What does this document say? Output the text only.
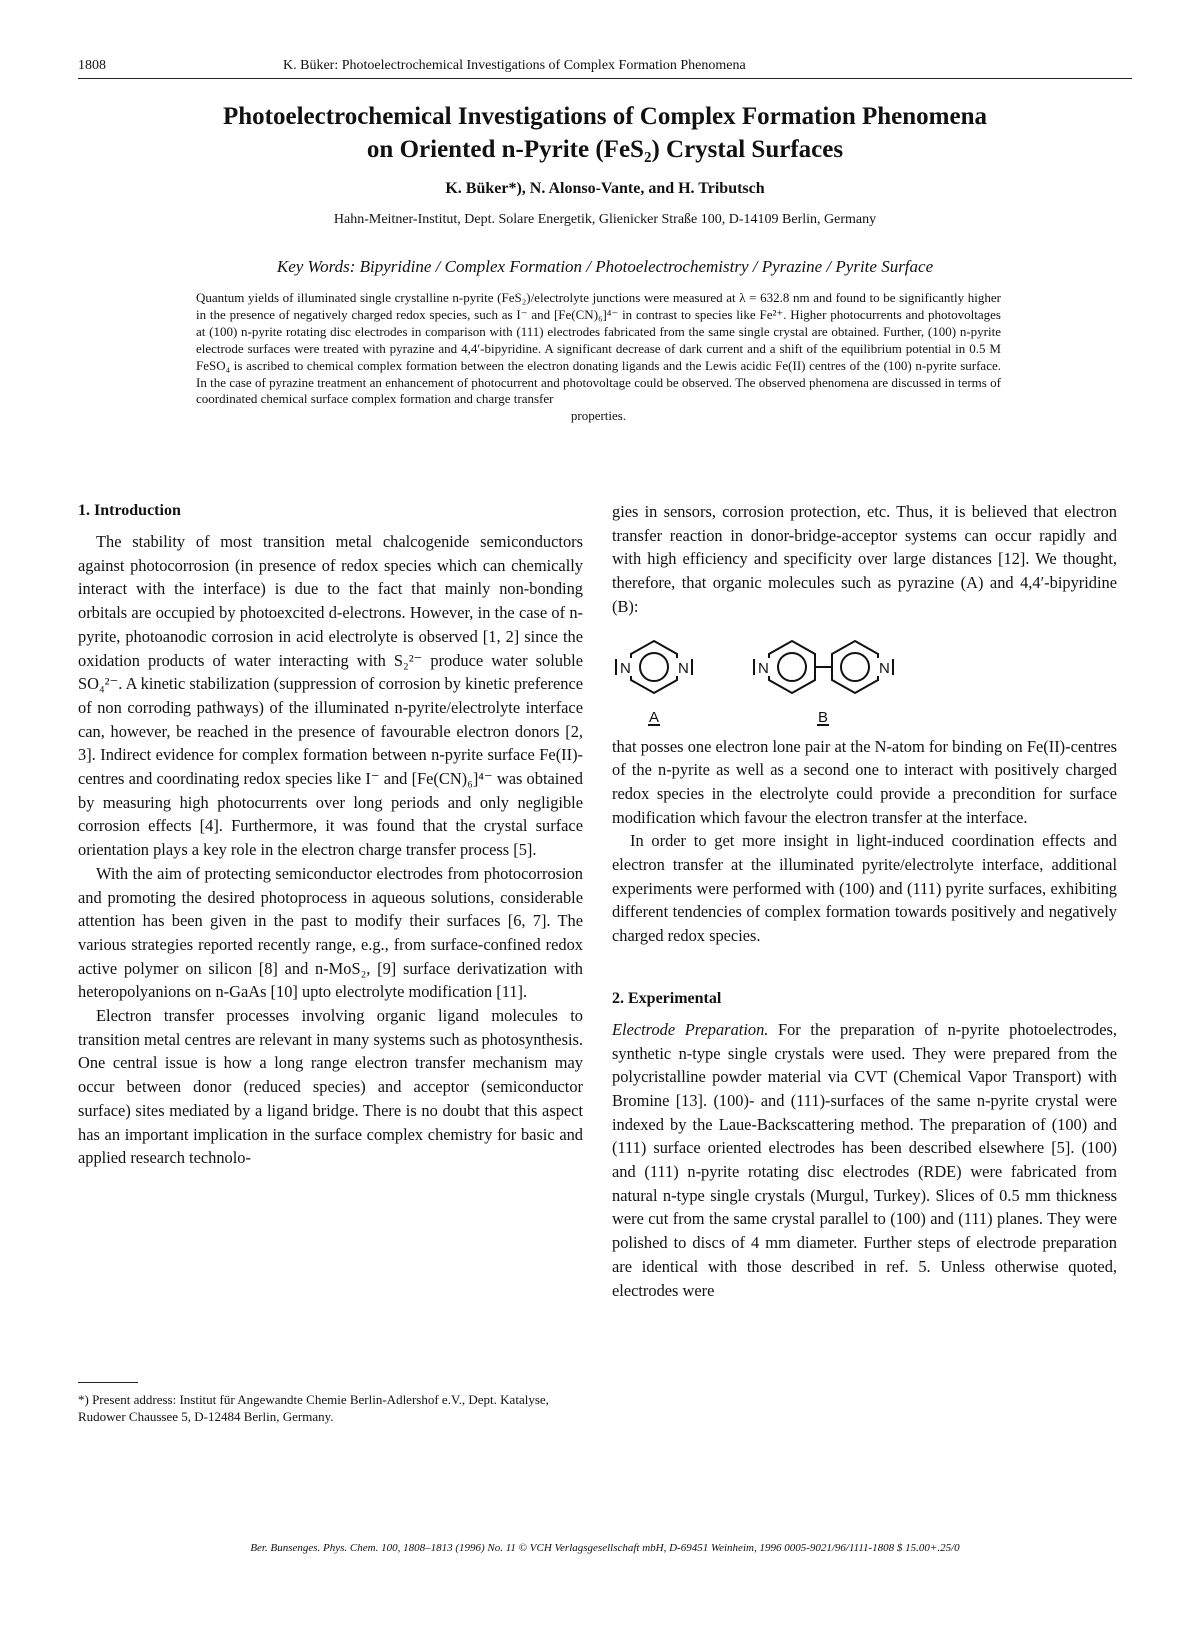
1808	K. Büker: Photoelectrochemical Investigations of Complex Formation Phenomena
Photoelectrochemical Investigations of Complex Formation Phenomena
on Oriented n-Pyrite (FeS₂) Crystal Surfaces
K. Büker*), N. Alonso-Vante, and H. Tributsch
Hahn-Meitner-Institut, Dept. Solare Energetik, Glienicker Straße 100, D-14109 Berlin, Germany
Key Words: Bipyridine / Complex Formation / Photoelectrochemistry / Pyrazine / Pyrite Surface
Quantum yields of illuminated single crystalline n-pyrite (FeS₂)/electrolyte junctions were measured at λ = 632.8 nm and found to be significantly higher in the presence of negatively charged redox species, such as I⁻ and [Fe(CN)₆]⁴⁻ in contrast to species like Fe²⁺. Higher photocurrents and photovoltages at (100) n-pyrite rotating disc electrodes in comparison with (111) electrodes fabricated from the same single crystal are obtained. Further, (100) n-pyrite electrode surfaces were treated with pyrazine and 4,4′-bipyridine. A significant decrease of dark current and a shift of the equilibrium potential in 0.5 M FeSO₄ is ascribed to chemical complex formation between the electron donating ligands and the Lewis acidic Fe(II) centres of the (100) n-pyrite surface. In the case of pyrazine treatment an enhancement of photocurrent and photovoltage could be observed. The observed phenomena are discussed in terms of coordinated chemical surface complex formation and charge transfer
properties.
1. Introduction

The stability of most transition metal chalcogenide semiconductors against photocorrosion (in presence of redox species which can chemically interact with the interface) is due to the fact that mainly non-bonding orbitals are occupied by photoexcited d-electrons. However, in the case of n-pyrite, photoanodic corrosion in acid electrolyte is observed [1, 2] since the oxidation products of water interacting with S₂²⁻ produce water soluble SO₄²⁻. A kinetic stabilization (suppression of corrosion by kinetic preference of non corroding pathways) of the illuminated n-pyrite/electrolyte interface can, however, be reached in the presence of favourable electron donors [2, 3]. Indirect evidence for complex formation between n-pyrite surface Fe(II)-centres and coordinating redox species like I⁻ and [Fe(CN)₆]⁴⁻ was obtained by measuring high photocurrents over long periods and only negligible corrosion effects [4]. Furthermore, it was found that the crystal surface orientation plays a key role in the electron charge transfer process [5].

With the aim of protecting semiconductor electrodes from photocorrosion and promoting the desired photoprocess in aqueous solutions, considerable attention has been given in the past to modify their surfaces [6, 7]. The various strategies reported recently range, e.g., from surface-confined redox active polymer on silicon [8] and n-MoS₂, [9] surface derivatization with heteropolyanions on n-GaAs [10] upto electrolyte modification [11].

Electron transfer processes involving organic ligand molecules to transition metal centres are relevant in many systems such as photosynthesis. One central issue is how a long range electron transfer mechanism may occur between donor (reduced species) and acceptor (semiconductor surface) sites mediated by a ligand bridge. There is no doubt that this aspect has an important implication in the surface complex chemistry for basic and applied research technolo-

gies in sensors, corrosion protection, etc. Thus, it is believed that electron transfer reaction in donor-bridge-acceptor systems can occur rapidly and with high efficiency and specificity over large distances [12]. We thought, therefore, that organic molecules such as pyrazine (A) and 4,4′-bipyridine (B):

N	N	N	N
A	B

that posses one electron lone pair at the N-atom for binding on Fe(II)-centres of the n-pyrite as well as a second one to interact with positively charged redox species in the electrolyte could provide a precondition for surface modification which favour the electron transfer at the interface.

In order to get more insight in light-induced coordination effects and electron transfer at the illuminated pyrite/electrolyte interface, additional experiments were performed with (100) and (111) pyrite surfaces, exhibiting different tendencies of complex formation towards positively and negatively charged redox species.

2. Experimental

Electrode Preparation. For the preparation of n-pyrite photoelectrodes, synthetic n-type single crystals were used. They were prepared from the polycristalline powder material via CVT (Chemical Vapor Transport) with Bromine [13]. (100)- and (111)-surfaces of the same n-pyrite crystal were indexed by the Laue-Backscattering method. The preparation of (100) and (111) surface oriented electrodes has been described elsewhere [5]. (100) and (111) n-pyrite rotating disc electrodes (RDE) were fabricated from natural n-type single crystals (Murgul, Turkey). Slices of 0.5 mm thickness were cut from the same crystal parallel to (100) and (111) planes. They were polished to discs of 4 mm diameter. Further steps of electrode preparation are identical with those described in ref. 5. Unless otherwise quoted, electrodes were

*) Present address: Institut für Angewandte Chemie Berlin-Adlershof e.V., Dept. Katalyse, Rudower Chaussee 5, D-12484 Berlin, Germany.
Ber. Bunsenges. Phys. Chem. 100, 1808–1813 (1996) No. 11 © VCH Verlagsgesellschaft mbH, D-69451 Weinheim, 1996 0005-9021/96/1111-1808 $ 15.00+.25/0
